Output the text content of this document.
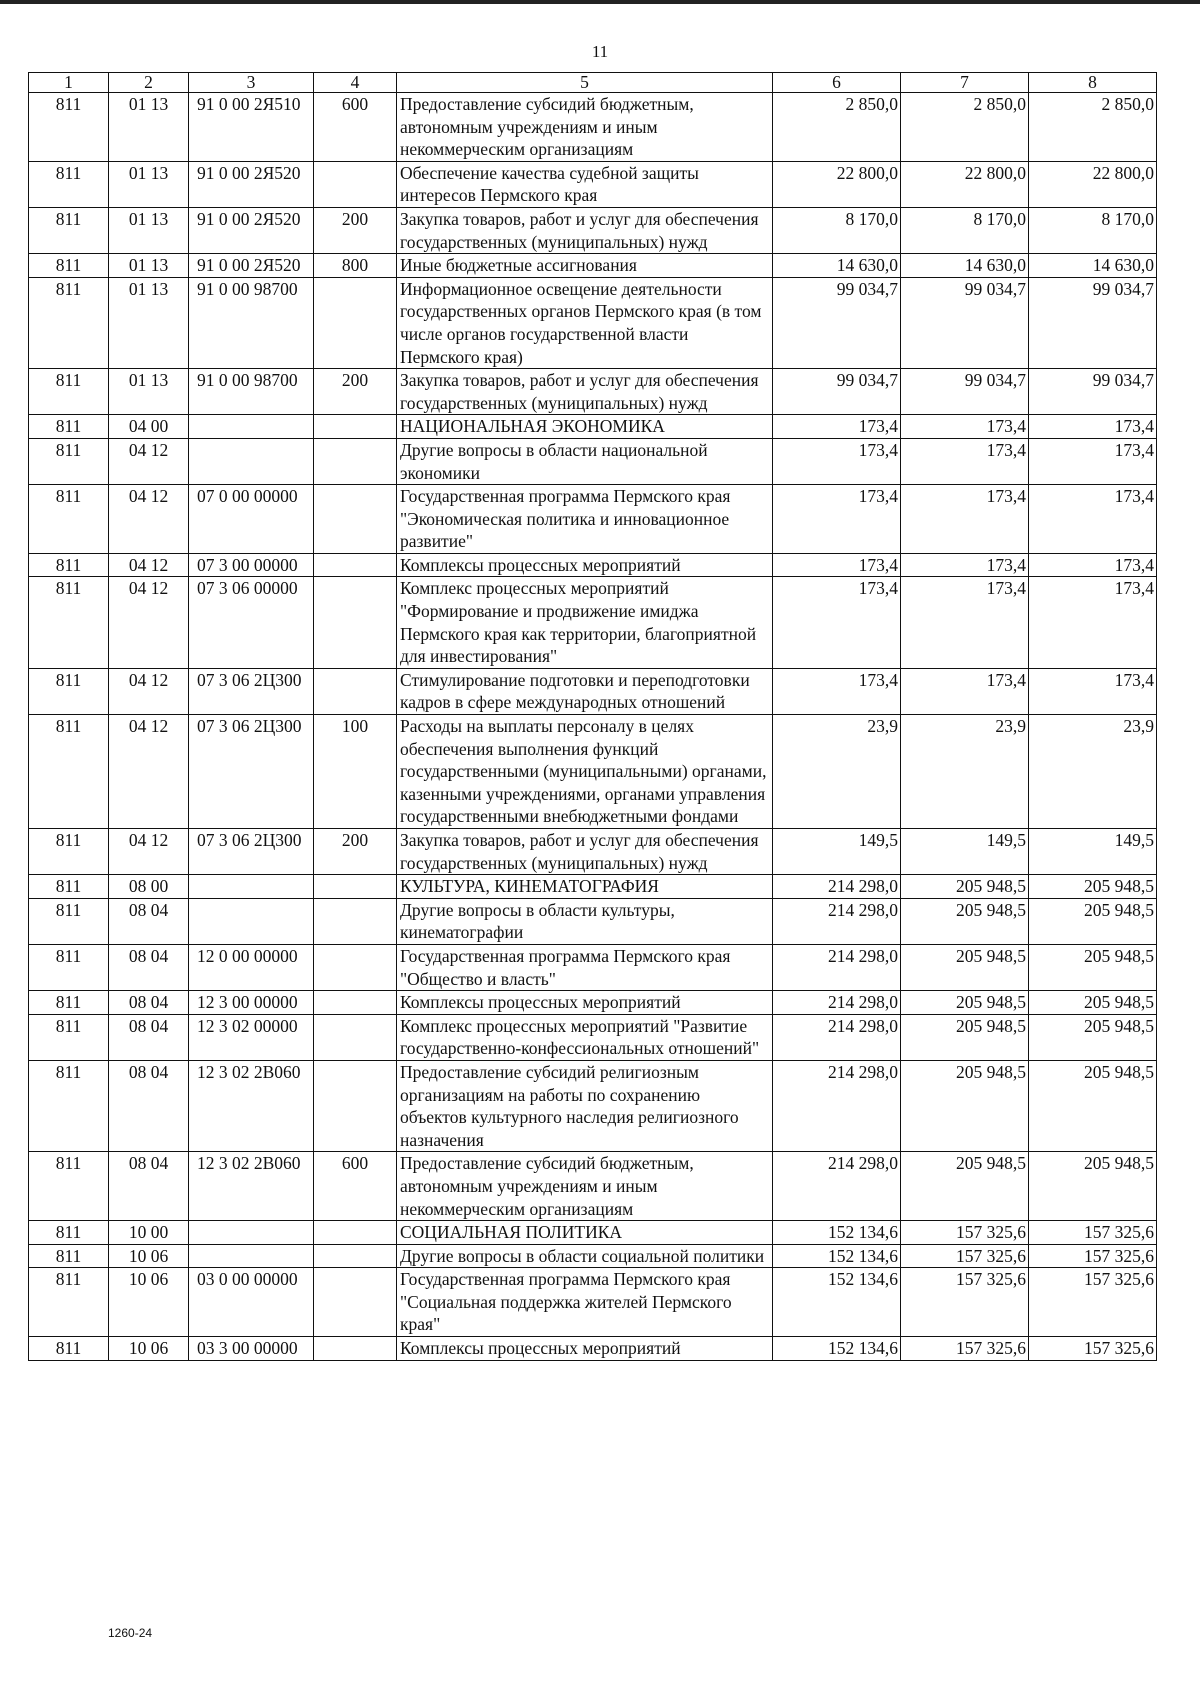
11
1	2	3	4	5	6	7	8
811	01 13	91 0 00 2Я510	600	Предоставление субсидий бюджетным, автономным учреждениям и иным некоммерческим организациям	2 850,0	2 850,0	2 850,0
811	01 13	91 0 00 2Я520		Обеспечение качества судебной защиты интересов Пермского края	22 800,0	22 800,0	22 800,0
811	01 13	91 0 00 2Я520	200	Закупка товаров, работ и услуг для обеспечения государственных (муниципальных) нужд	8 170,0	8 170,0	8 170,0
811	01 13	91 0 00 2Я520	800	Иные бюджетные ассигнования	14 630,0	14 630,0	14 630,0
811	01 13	91 0 00 98700		Информационное освещение деятельности государственных органов Пермского края (в том числе органов государственной власти Пермского края)	99 034,7	99 034,7	99 034,7
811	01 13	91 0 00 98700	200	Закупка товаров, работ и услуг для обеспечения государственных (муниципальных) нужд	99 034,7	99 034,7	99 034,7
811	04 00			НАЦИОНАЛЬНАЯ ЭКОНОМИКА	173,4	173,4	173,4
811	04 12			Другие вопросы в области национальной экономики	173,4	173,4	173,4
811	04 12	07 0 00 00000		Государственная программа Пермского края "Экономическая политика и инновационное развитие"	173,4	173,4	173,4
811	04 12	07 3 00 00000		Комплексы процессных мероприятий	173,4	173,4	173,4
811	04 12	07 3 06 00000		Комплекс процессных мероприятий "Формирование и продвижение имиджа Пермского края как территории, благоприятной для инвестирования"	173,4	173,4	173,4
811	04 12	07 3 06 2Ц300		Стимулирование подготовки и переподготовки кадров в сфере международных отношений	173,4	173,4	173,4
811	04 12	07 3 06 2Ц300	100	Расходы на выплаты персоналу в целях обеспечения выполнения функций государственными (муниципальными) органами, казенными учреждениями, органами управления государственными внебюджетными фондами	23,9	23,9	23,9
811	04 12	07 3 06 2Ц300	200	Закупка товаров, работ и услуг для обеспечения государственных (муниципальных) нужд	149,5	149,5	149,5
811	08 00			КУЛЬТУРА, КИНЕМАТОГРАФИЯ	214 298,0	205 948,5	205 948,5
811	08 04			Другие вопросы в области культуры, кинематографии	214 298,0	205 948,5	205 948,5
811	08 04	12 0 00 00000		Государственная программа Пермского края "Общество и власть"	214 298,0	205 948,5	205 948,5
811	08 04	12 3 00 00000		Комплексы процессных мероприятий	214 298,0	205 948,5	205 948,5
811	08 04	12 3 02 00000		Комплекс процессных мероприятий "Развитие государственно-конфессиональных отношений"	214 298,0	205 948,5	205 948,5
811	08 04	12 3 02 2В060		Предоставление субсидий религиозным организациям на работы по сохранению объектов культурного наследия религиозного назначения	214 298,0	205 948,5	205 948,5
811	08 04	12 3 02 2В060	600	Предоставление субсидий бюджетным, автономным учреждениям и иным некоммерческим организациям	214 298,0	205 948,5	205 948,5
811	10 00			СОЦИАЛЬНАЯ ПОЛИТИКА	152 134,6	157 325,6	157 325,6
811	10 06			Другие вопросы в области социальной политики	152 134,6	157 325,6	157 325,6
811	10 06	03 0 00 00000		Государственная программа Пермского края "Социальная поддержка жителей Пермского края"	152 134,6	157 325,6	157 325,6
811	10 06	03 3 00 00000		Комплексы процессных мероприятий	152 134,6	157 325,6	157 325,6
1260-24
